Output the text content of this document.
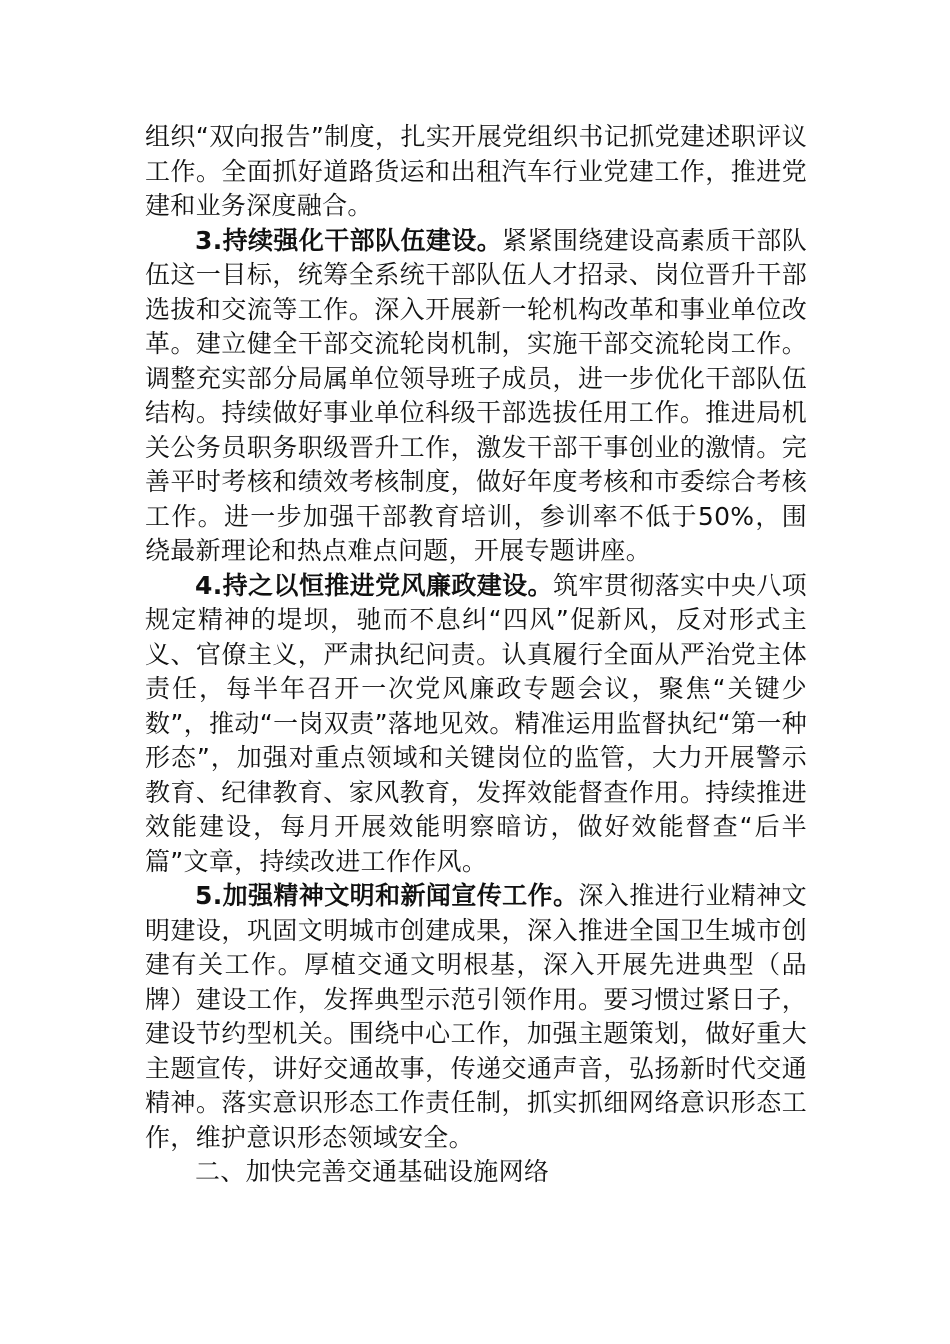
组织“双向报告”制度，扎实开展党组织书记抓党建述职评议工作。全面抓好道路货运和出租汽车行业党建工作，推进党建和业务深度融合。

3.持续强化干部队伍建设。紧紧围绕建设高素质干部队伍这一目标，统筹全系统干部队伍人才招录、岗位晋升干部选拔和交流等工作。深入开展新一轮机构改革和事业单位改革。建立健全干部交流轮岗机制，实施干部交流轮岗工作。调整充实部分局属单位领导班子成员，进一步优化干部队伍结构。持续做好事业单位科级干部选拔任用工作。推进局机关公务员职务职级晋升工作，激发干部干事创业的激情。完善平时考核和绩效考核制度，做好年度考核和市委综合考核工作。进一步加强干部教育培训，参训率不低于50%，围绕最新理论和热点难点问题，开展专题讲座。

4.持之以恒推进党风廉政建设。筑牢贯彻落实中央八项规定精神的堤坝，驰而不息纠“四风”促新风，反对形式主义、官僚主义，严肃执纪问责。认真履行全面从严治党主体责任，每半年召开一次党风廉政专题会议，聚焦“关键少数”，推动“一岗双责”落地见效。精准运用监督执纪“第一种形态”，加强对重点领域和关键岗位的监管，大力开展警示教育、纪律教育、家风教育，发挥效能督查作用。持续推进效能建设，每月开展效能明察暗访，做好效能督查“后半篇”文章，持续改进工作作风。

5.加强精神文明和新闻宣传工作。深入推进行业精神文明建设，巩固文明城市创建成果，深入推进全国卫生城市创建有关工作。厚植交通文明根基，深入开展先进典型（品牌）建设工作，发挥典型示范引领作用。要习惯过紧日子，建设节约型机关。围绕中心工作，加强主题策划，做好重大主题宣传，讲好交通故事，传递交通声音，弘扬新时代交通精神。落实意识形态工作责任制，抓实抓细网络意识形态工作，维护意识形态领域安全。

二、加快完善交通基础设施网络
